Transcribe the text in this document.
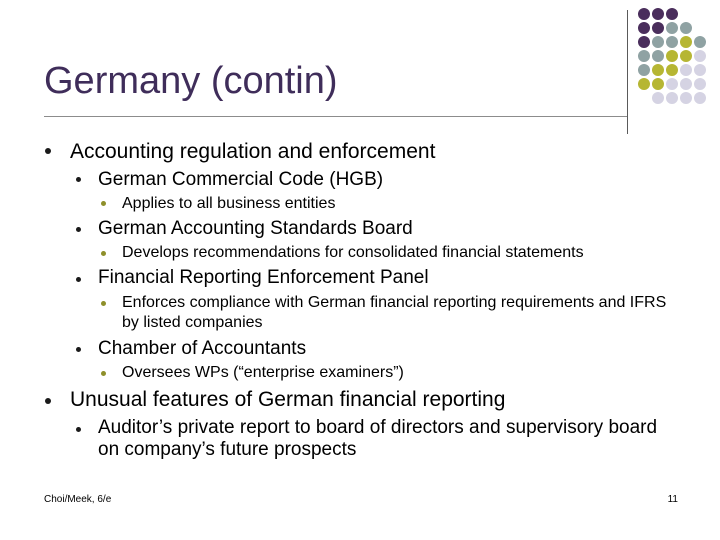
Germany (contin)
Accounting regulation and enforcement
German Commercial Code (HGB)
Applies to all business entities
German Accounting Standards Board
Develops recommendations for consolidated financial statements
Financial Reporting Enforcement Panel
Enforces compliance with German financial reporting requirements and IFRS by listed companies
Chamber of Accountants
Oversees WPs (“enterprise examiners”)
Unusual features of German financial reporting
Auditor’s private report to board of directors and supervisory board on company’s future prospects
Choi/Meek, 6/e	11
